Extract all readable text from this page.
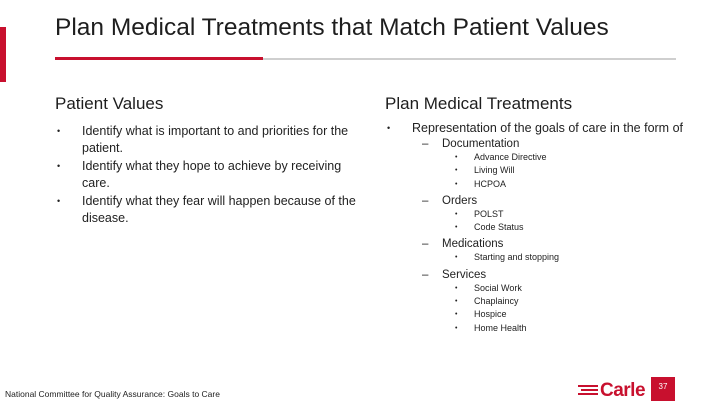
Plan Medical Treatments that Match Patient Values
Patient Values
• Identify what is important to and priorities for the patient.
• Identify what they hope to achieve by receiving care.
• Identify what they fear will happen because of the disease.
Plan Medical Treatments
• Representation of the goals of care in the form of
– Documentation
• Advance Directive
• Living Will
• HCPOA
– Orders
• POLST
• Code Status
– Medications
• Starting and stopping
– Services
• Social Work
• Chaplaincy
• Hospice
• Home Health
National Committee for Quality Assurance: Goals to Care	Carle	37
